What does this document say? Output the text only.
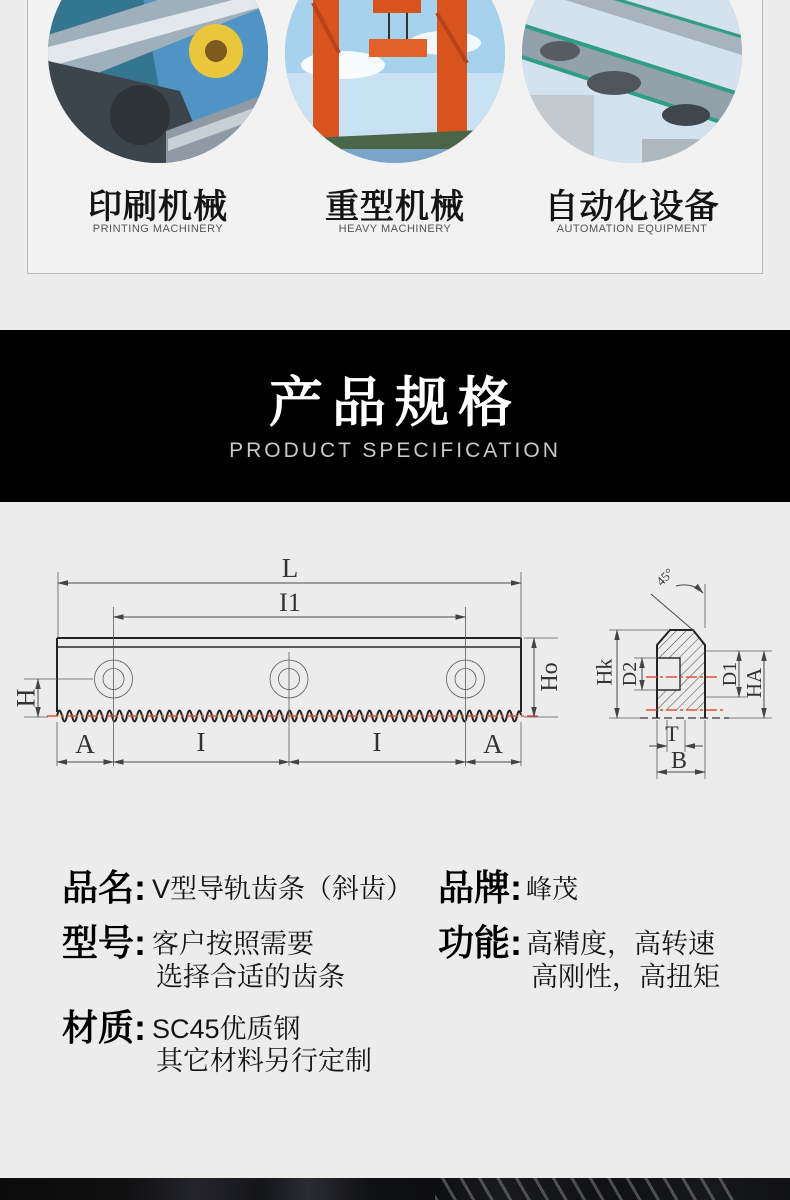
印刷机械	重型机械	自动化设备
PRINTING MACHINERY	HEAVY MACHINERY	AUTOMATION EQUIPMENT
产品规格
PRODUCT SPECIFICATION
L
I1
H
Ho
A	I	I	A
Hk D2	D1 HA
T
B
45°
品名: V型导轨齿条（斜齿） 品牌: 峰茂
型号: 客户按照需要
选择合适的齿条
功能: 高精度，高转速
高刚性，高扭矩
材质: SC45优质钢
其它材料另行定制
